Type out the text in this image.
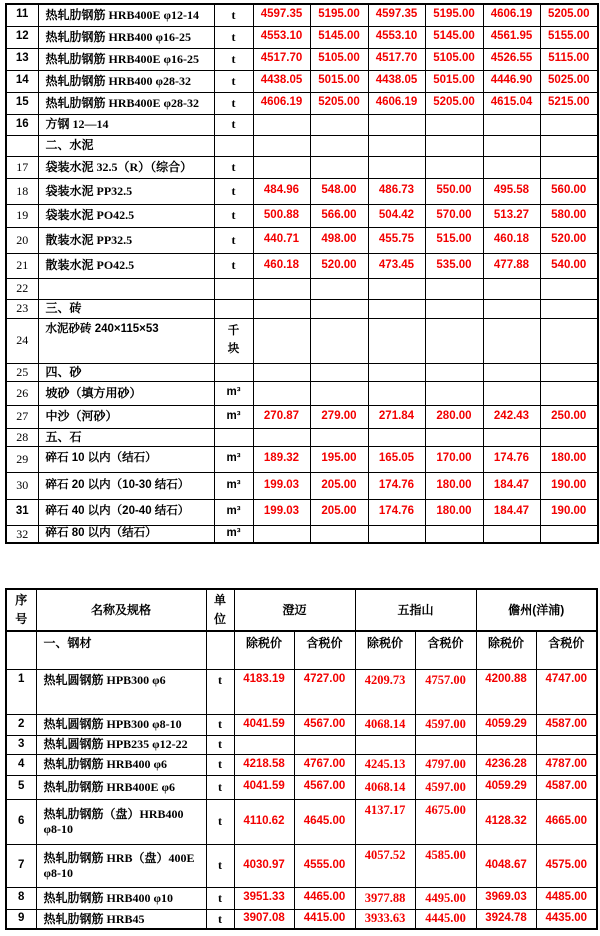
11	热轧肋钢筋 HRB400E φ12-14	t	4597.35	5195.00	4597.35	5195.00	4606.19	5205.00
12	热轧肋钢筋 HRB400 φ16-25	t	4553.10	5145.00	4553.10	5145.00	4561.95	5155.00
13	热轧肋钢筋 HRB400E φ16-25	t	4517.70	5105.00	4517.70	5105.00	4526.55	5115.00
14	热轧肋钢筋 HRB400 φ28-32	t	4438.05	5015.00	4438.05	5015.00	4446.90	5025.00
15	热轧肋钢筋 HRB400E φ28-32	t	4606.19	5205.00	4606.19	5205.00	4615.04	5215.00
16	方钢 12—14	t						
	二、水泥							
17	袋装水泥 32.5（R）（综合）	t						
18	袋装水泥 PP32.5	t	484.96	548.00	486.73	550.00	495.58	560.00
19	袋装水泥 PO42.5	t	500.88	566.00	504.42	570.00	513.27	580.00
20	散装水泥 PP32.5	t	440.71	498.00	455.75	515.00	460.18	520.00
21	散装水泥 PO42.5	t	460.18	520.00	473.45	535.00	477.88	540.00
22								
23	三、砖							
24	水泥砂砖 240×115×53	千块						
25	四、砂							
26	坡砂（填方用砂）	m³						
27	中沙（河砂）	m³	270.87	279.00	271.84	280.00	242.43	250.00
28	五、石							
29	碎石 10 以内（结石）	m³	189.32	195.00	165.05	170.00	174.76	180.00
30	碎石 20 以内（10-30 结石）	m³	199.03	205.00	174.76	180.00	184.47	190.00
31	碎石 40 以内（20-40 结石）	m³	199.03	205.00	174.76	180.00	184.47	190.00
32	碎石 80 以内（结石）	m³						
序号	名称及规格	单位	澄迈		五指山		儋州(洋浦)	
	一、钢材		除税价	含税价	除税价	含税价	除税价	含税价
1	热轧圆钢筋 HPB300 φ6	t	4183.19	4727.00	4209.73	4757.00	4200.88	4747.00
2	热轧圆钢筋 HPB300 φ8-10	t	4041.59	4567.00	4068.14	4597.00	4059.29	4587.00
3	热轧圆钢筋 HPB235 φ12-22	t						
4	热轧肋钢筋 HRB400 φ6	t	4218.58	4767.00	4245.13	4797.00	4236.28	4787.00
5	热轧肋钢筋 HRB400E φ6	t	4041.59	4567.00	4068.14	4597.00	4059.29	4587.00
6	热轧肋钢筋（盘）HRB400 φ8-10	t	4110.62	4645.00	4137.17	4675.00	4128.32	4665.00
7	热轧肋钢筋 HRB（盘）400E φ8-10	t	4030.97	4555.00	4057.52	4585.00	4048.67	4575.00
8	热轧肋钢筋 HRB400 φ10	t	3951.33	4465.00	3977.88	4495.00	3969.03	4485.00
9	热轧肋钢筋 HRB45	t	3907.08	4415.00	3933.63	4445.00	3924.78	4435.00
